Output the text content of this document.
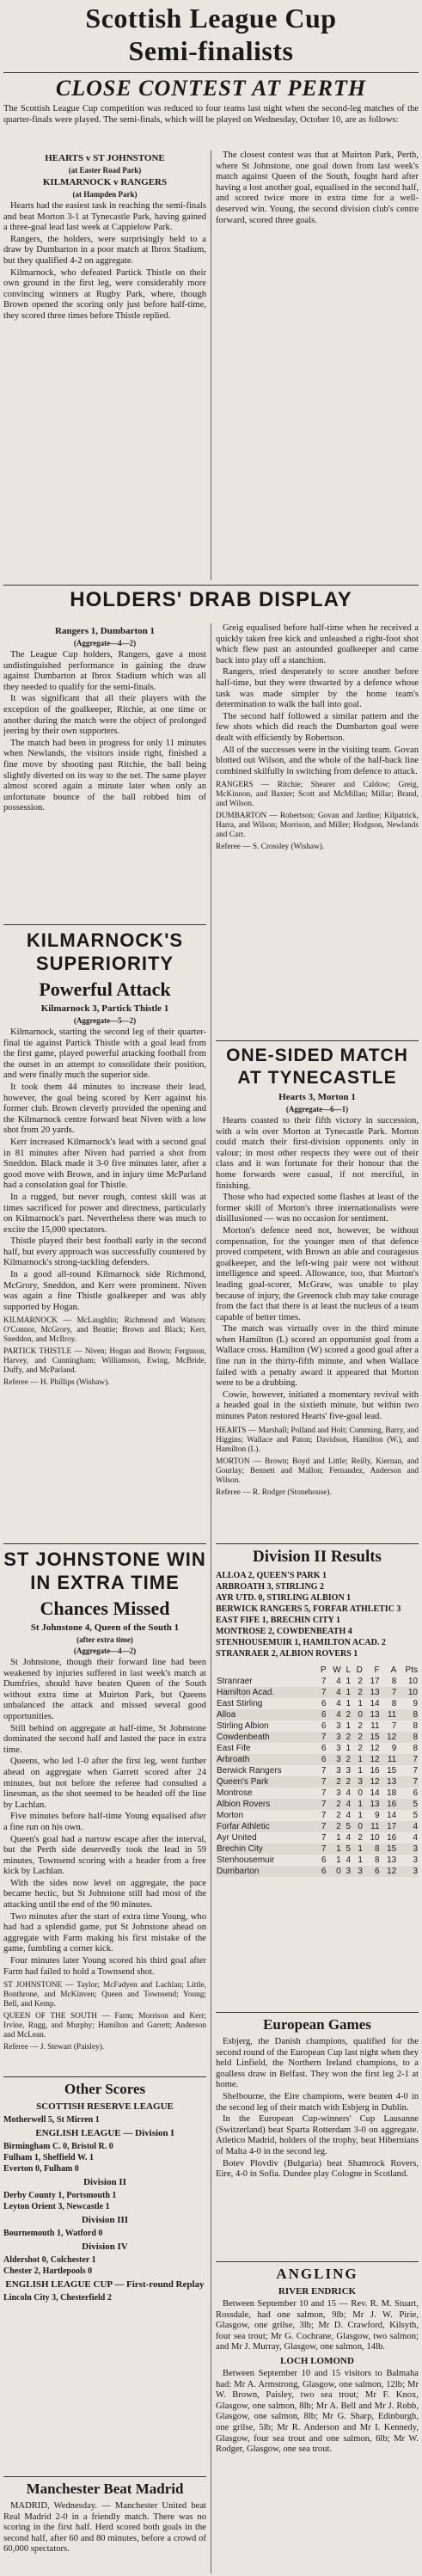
Scottish League Cup
Semi-finalists
CLOSE CONTEST AT PERTH
The Scottish League Cup competition was reduced to four teams last night when the second-leg matches of the quarter-finals were played. The semi-finals, which will be played on Wednesday, October 10, are as follows:
HEARTS v ST JOHNSTONE
(at Easter Road Park)
KILMARNOCK v RANGERS
(at Hampden Park)

Hearts had the easiest task in reaching the semi-finals and beat Morton 3-1 at Tynecastle Park, having gained a three-goal lead last week at Cappielow Park.

Rangers, the holders, were surprisingly held to a draw by Dumbarton in a poor match at Ibrox Stadium, but they qualified 4-2 on aggregate.

Kilmarnock, who defeated Partick Thistle on their own ground in the first leg, were considerably more convincing winners at Rugby Park, where, though Brown opened the scoring only just before half-time, they scored three times before Thistle replied.

The closest contest was that at Muirton Park, Perth, where St Johnstone, one goal down from last week's match against Queen of the South, fought hard after having a lost another goal, equalised in the second half, and scored twice more in extra time for a well-deserved win. Young, the second division club's centre forward, scored three goals.

HOLDERS' DRAB DISPLAY
Rangers 1, Dumbarton 1
(Aggregate—4—2)

The League Cup holders, Rangers, gave a most undistinguished performance in gaining the draw against Dumbarton at Ibrox Stadium which was all they needed to qualify for the semi-finals.

It was significant that all their players with the exception of the goalkeeper, Ritchie, at one time or another during the match were the object of prolonged jeering by their own supporters.

The match had been in progress for only 11 minutes when Newlands, the visitors inside right, finished a fine move by shooting past Ritchie, the ball being slightly diverted on its way to the net. The same player almost scored again a minute later when only an unfortunate bounce of the ball robbed him of possession.

Greig equalised before half-time when he received a quickly taken free kick and unleashed a right-foot shot which flew past an astounded goalkeeper and came back into play off a stanchion.

Rangers, tried desperately to score another before half-time, but they were thwarted by a defence whose task was made simpler by the home team's determination to walk the ball into goal.

The second half followed a similar pattern and the few shots which did reach the Dumbarton goal were dealt with efficiently by Robertson.

All of the successes were in the visiting team. Govan blotted out Wilson, and the whole of the half-back line combined skilfully in switching from defence to attack.

RANGERS — Ritchie; Shearer and Caldow; Greig, McKinnon, and Baxter; Scott and McMillan; Millar; Brand, and Wilson.

DUMBARTON — Robertson; Govan and Jardine; Kilpatrick, Harra, and Wilson; Morrison, and Miller; Hodgson, Newlands and Carr.

Referee — S. Crossley (Wishaw).

KILMARNOCK'S SUPERIORITY
Powerful Attack
Kilmarnock 3, Partick Thistle 1
(Aggregate—5—2)

Kilmarnock, starting the second leg of their quarter-final tie against Partick Thistle with a goal lead from the first game, played powerful attacking football from the outset in an attempt to consolidate their position, and were finally much the superior side.

It took them 44 minutes to increase their lead, however, the goal being scored by Kerr against his former club. Brown cleverly provided the opening and the Kilmarnock centre forward beat Niven with a low shot from 20 yards.

Kerr increased Kilmarnock's lead with a second goal in 81 minutes after Niven had parried a shot from Sneddon. Black made it 3-0 five minutes later, after a good move with Brown, and in injury time McParland had a consolation goal for Thistle.

In a rugged, but never rough, contest skill was at times sacrificed for power and directness, particularly on Kilmarnock's part. Nevertheless there was much to excite the 15,000 spectators.

Thistle played their best football early in the second half, but every approach was successfully countered by Kilmarnock's strong-tackling defenders.

In a good all-round Kilmarnock side Richmond, McGrory, Sneddon, and Kerr were prominent. Niven was again a fine Thistle goalkeeper and was ably supported by Hogan.

KILMARNOCK — McLaughlin; Richmond and Watson; O'Connor, McGrory, and Beattie; Brown and Black; Kerr, Sneddon, and McIlroy.

PARTICK THISTLE — Niven; Hogan and Brown; Ferguson, Harvey, and Cunningham; Williamson, Ewing, McBride, Duffy, and McParland.

Referee — H. Phillips (Wishaw).

ONE-SIDED MATCH AT TYNECASTLE
Hearts 3, Morton 1
(Aggregate—6—1)

Hearts coasted to their fifth victory in succession, with a win over Morton at Tynecastle Park. Morton could match their first-division opponents only in valour; in most other respects they were out of their class and it was fortunate for their honour that the home forwards were casual, if not merciful, in finishing.

Those who had expected some flashes at least of the former skill of Morton's three internationalists were disillusioned — was no occasion for sentiment.

Morton's defence need not, however, be without compensation, for the younger men of that defence proved competent, with Brown an able and courageous goalkeeper, and the left-wing pair were not without intelligence and speed. Allowance, too, that Morton's leading goal-scorer, McGraw, was unable to play because of injury, the Greenock club may take courage from the fact that there is at least the nucleus of a team capable of better times.

The match was virtually over in the third minute when Hamilton (L) scored an opportunist goal from a Wallace cross. Hamilton (W) scored a good goal after a fine run in the thirty-fifth minute, and when Wallace failed with a penalty award it appeared that Morton were to be a drubbing.

Cowie, however, initiated a momentary revival with a headed goal in the sixtieth minute, but within two minutes Paton restored Hearts' five-goal lead.

HEARTS — Marshall; Polland and Holt; Cumming, Barry, and Higgins; Wallace and Paton; Davidson, Hamilton (W.), and Hamilton (L).

MORTON — Brown; Boyd and Little; Reilly, Kiernan, and Gourlay; Bennett and Mallon; Fernandez, Anderson and Wilson.

Referee — R. Rodger (Stonehouse).

ST JOHNSTONE WIN IN EXTRA TIME
Chances Missed
St Johnstone 4, Queen of the South 1
(after extra time)
(Aggregate—4—2)

St Johnstone, though their forward line had been weakened by injuries suffered in last week's match at Dumfries, should have beaten Queen of the South without extra time at Muirton Park, but Queens unbalanced the attack and missed several good opportunities.

Still behind on aggregate at half-time, St Johnstone dominated the second half and lasted the pace in extra time.

Queens, who led 1-0 after the first leg, went further ahead on aggregate when Garrett scored after 24 minutes, but not before the referee had consulted a linesman, as the shot seemed to be headed off the line by Lachlan.

Five minutes before half-time Young equalised after a fine run on his own.

Queen's goal had a narrow escape after the interval, but the Perth side deservedly took the lead in 59 minutes, Townsend scoring with a header from a free kick by Lachlan.

With the sides now level on aggregate, the pace became hectic, but St Johnstone still had most of the attacking until the end of the 90 minutes.

Two minutes after the start of extra time Young, who had had a splendid game, put St Johnstone ahead on aggregate with Farm making his first mistake of the game, fumbling a corner kick.

Four minutes later Young scored his third goal after Farm had failed to hold a Townsend shot.

ST JOHNSTONE — Taylor; McFadyen and Lachlan; Little, Bonthrone, and McKinven; Queen and Townsend; Young; Bell, and Kemp.

QUEEN OF THE SOUTH — Farm; Morrison and Kerr; Irvine, Rugg, and Murphy; Hamilton and Garrett; Anderson and McLean.

Referee — J. Stewart (Paisley).

Other Scores
SCOTTISH RESERVE LEAGUE
Motherwell 5, St Mirren 1
ENGLISH LEAGUE — Division I
Birmingham C. 0, Bristol R. 0
Fulham 1, Sheffield W. 1
Everton 0, Fulham 0
Division II
Derby County 1, Portsmouth 1
Leyton Orient 3, Newcastle 1
Division III
Bournemouth 1, Watford 0
Division IV
Aldershot 0, Colchester 1
Chester 2, Hartlepools 0
ENGLISH LEAGUE CUP — First-round Replay
Lincoln City 3, Chesterfield 2
Manchester Beat Madrid

MADRID, Wednesday. — Manchester United beat Real Madrid 2-0 in a friendly match. There was no scoring in the first half. Herd scored both goals in the second half, after 60 and 80 minutes, before a crowd of 60,000 spectators.

Division II Results
ALLOA 2, QUEEN'S PARK 1
ARBROATH 3, STIRLING 2
AYR UTD. 0, STIRLING ALBION 1
BERWICK RANGERS 5, FORFAR ATHLETIC 3
EAST FIFE 1, BRECHIN CITY 1
MONTROSE 2, COWDENBEATH 4
STENHOUSEMUIR 1, HAMILTON ACAD. 2
STRANRAER 2, ALBION ROVERS 1
	P	W	L	D	F	A	Pts
Stranraer	7	4	1	2	17	8	10
Hamilton Acad.	7	4	1	2	13	7	10
East Stirling	6	4	1	1	14	8	9
Alloa	6	4	2	0	13	11	8
Stirling Albion	6	3	1	2	11	7	8
Cowdenbeath	7	3	2	2	15	12	8
East Fife	6	3	1	2	12	9	8
Arbroath	6	3	2	1	12	11	7
Berwick Rangers	7	3	3	1	16	15	7
Queen's Park	7	2	2	3	12	13	7
Montrose	7	3	4	0	14	18	6
Albion Rovers	7	2	4	1	13	16	5
Morton	7	2	4	1	9	14	5
Forfar Athletic	7	2	5	0	11	17	4
Ayr United	7	1	4	2	10	16	4
Brechin City	7	1	5	1	8	15	3
Stenhousemuir	6	1	4	1	8	13	3
Dumbarton	6	0	3	3	6	12	3
European Games

Esbjerg, the Danish champions, qualified for the second round of the European Cup last night when they held Linfield, the Northern Ireland champions, to a goalless draw in Belfast. They won the first leg 2-1 at home.

Shelbourne, the Eire champions, were beaten 4-0 in the second leg of their match with Esbjerg in Dublin.

In the European Cup-winners' Cup Lausanne (Switzerland) beat Sparta Rotterdam 3-0 on aggregate. Atletico Madrid, holders of the trophy, beat Hibernians of Malta 4-0 in the second leg.

Botev Plovdiv (Bulgaria) beat Shamrock Rovers, Eire, 4-0 in Sofia. Dundee play Cologne in Scotland.

ANGLING
RIVER ENDRICK

Between September 10 and 15 — Rev. R. M. Stuart, Rossdale, had one salmon, 9lb; Mr J. W. Pirie, Glasgow, one grilse, 3lb; Mr D. Crawford, Kilsyth, four sea trout; Mr G. Cochrane, Glasgow, two salmon; and Mr J. Murray, Glasgow, one salmon, 14lb.

LOCH LOMOND

Between September 10 and 15 visitors to Balmaha had: Mr A. Armstrong, Glasgow, one salmon, 12lb; Mr W. Brown, Paisley, two sea trout; Mr F. Knox, Glasgow, one salmon, 8lb; Mr A. Bell and Mr J. Robb, Glasgow, one salmon, 8lb; Mr G. Sharp, Edinburgh, one grilse, 5lb; Mr R. Anderson and Mr I. Kennedy, Glasgow, four sea trout and one salmon, 6lb; Mr W. Rodger, Glasgow, one sea trout.
